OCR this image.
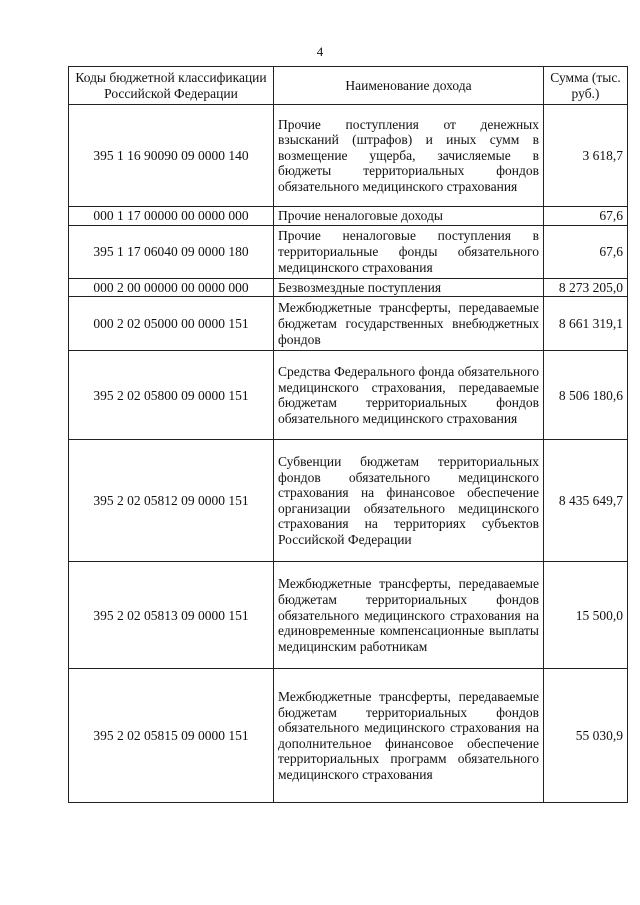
4
Коды бюджетной классификации Российской Федерации	Наименование дохода	Сумма (тыс. руб.)
395 1 16 90090 09 0000 140	Прочие поступления от денежных взысканий (штрафов) и иных сумм в возмещение ущерба, зачисляемые в бюджеты территориальных фондов обязательного медицинского страхования	3 618,7
000 1 17 00000 00 0000 000	Прочие неналоговые доходы	67,6
395 1 17 06040 09 0000 180	Прочие неналоговые поступления в территориальные фонды обязательного медицинского страхования	67,6
000 2 00 00000 00 0000 000	Безвозмездные поступления	8 273 205,0
000 2 02 05000 00 0000 151	Межбюджетные трансферты, передаваемые бюджетам государственных внебюджетных фондов	8 661 319,1
395 2 02 05800 09 0000 151	Средства Федерального фонда обязательного медицинского страхования, передаваемые бюджетам территориальных фондов обязательного медицинского страхования	8 506 180,6
395 2 02 05812 09 0000 151	Субвенции бюджетам территориальных фондов обязательного медицинского страхования на финансовое обеспечение организации обязательного медицинского страхования на территориях субъектов Российской Федерации	8 435 649,7
395 2 02 05813 09 0000 151	Межбюджетные трансферты, передаваемые бюджетам территориальных фондов обязательного медицинского страхования на единовременные компенсационные выплаты медицинским работникам	15 500,0
395 2 02 05815 09 0000 151	Межбюджетные трансферты, передаваемые бюджетам территориальных фондов обязательного медицинского страхования на дополнительное финансовое обеспечение территориальных программ обязательного медицинского страхования	55 030,9
